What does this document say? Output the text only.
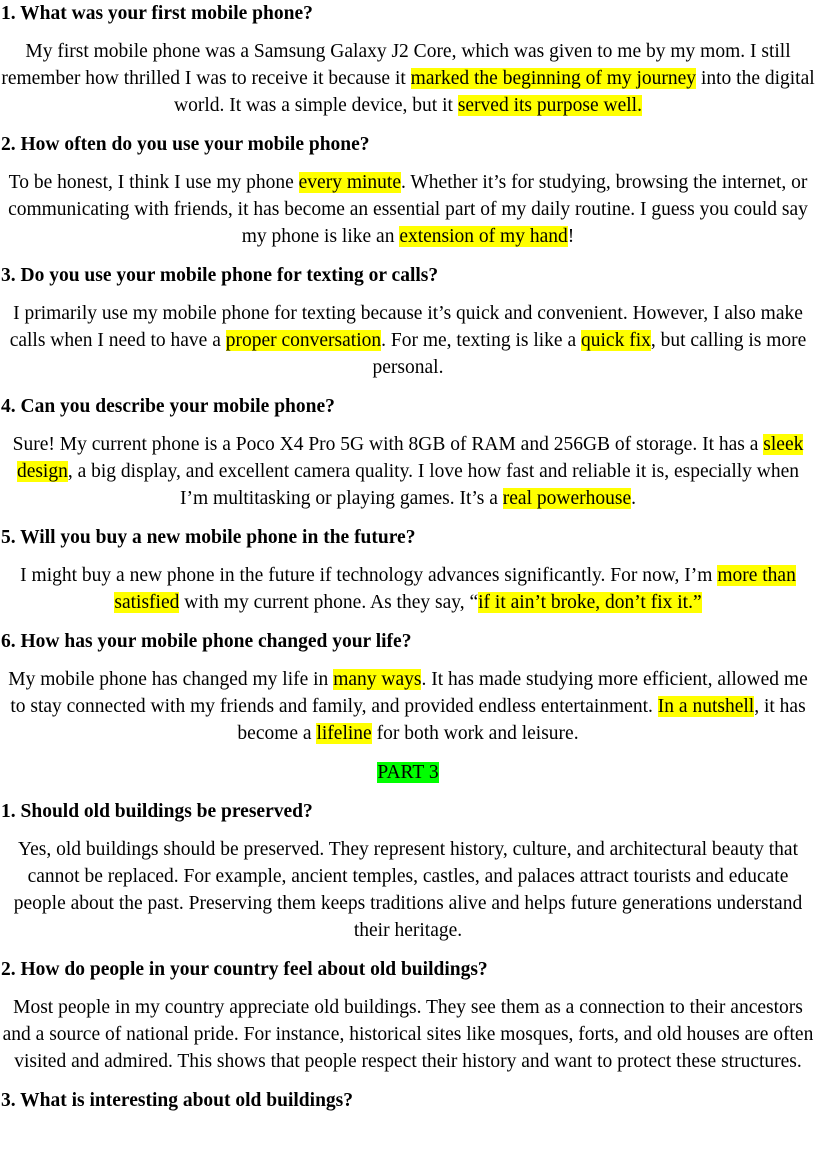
1. What was your first mobile phone?

My first mobile phone was a Samsung Galaxy J2 Core, which was given to me by my mom. I still remember how thrilled I was to receive it because it marked the beginning of my journey into the digital world. It was a simple device, but it served its purpose well.

2. How often do you use your mobile phone?

To be honest, I think I use my phone every minute. Whether it’s for studying, browsing the internet, or communicating with friends, it has become an essential part of my daily routine. I guess you could say my phone is like an extension of my hand!

3. Do you use your mobile phone for texting or calls?

I primarily use my mobile phone for texting because it’s quick and convenient. However, I also make calls when I need to have a proper conversation. For me, texting is like a quick fix, but calling is more personal.

4. Can you describe your mobile phone?

Sure! My current phone is a Poco X4 Pro 5G with 8GB of RAM and 256GB of storage. It has a sleek design, a big display, and excellent camera quality. I love how fast and reliable it is, especially when I’m multitasking or playing games. It’s a real powerhouse.

5. Will you buy a new mobile phone in the future?

I might buy a new phone in the future if technology advances significantly. For now, I’m more than satisfied with my current phone. As they say, “if it ain’t broke, don’t fix it.”

6. How has your mobile phone changed your life?

My mobile phone has changed my life in many ways. It has made studying more efficient, allowed me to stay connected with my friends and family, and provided endless entertainment. In a nutshell, it has become a lifeline for both work and leisure.

PART 3

1. Should old buildings be preserved?

Yes, old buildings should be preserved. They represent history, culture, and architectural beauty that cannot be replaced. For example, ancient temples, castles, and palaces attract tourists and educate people about the past. Preserving them keeps traditions alive and helps future generations understand their heritage.

2. How do people in your country feel about old buildings?

Most people in my country appreciate old buildings. They see them as a connection to their ancestors and a source of national pride. For instance, historical sites like mosques, forts, and old houses are often visited and admired. This shows that people respect their history and want to protect these structures.

3. What is interesting about old buildings?
